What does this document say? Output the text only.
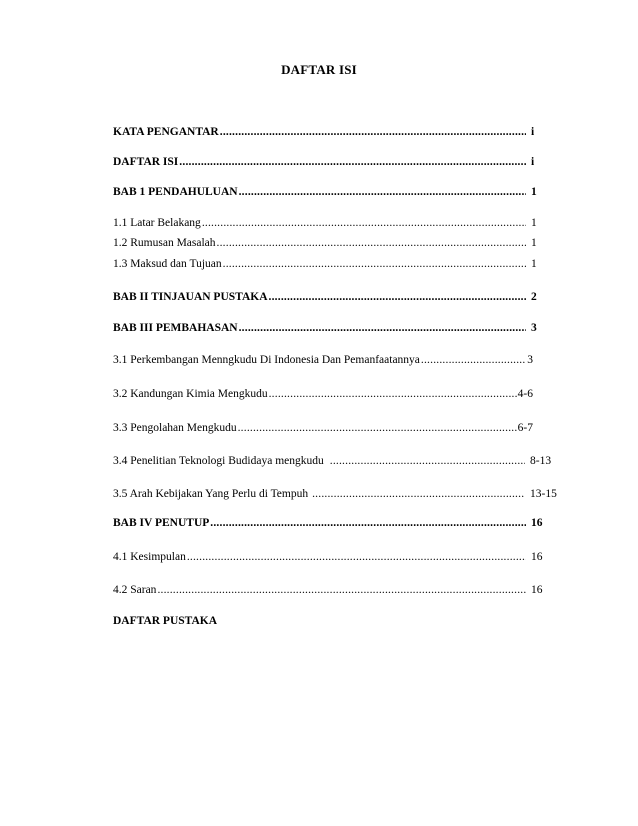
DAFTAR ISI
KATA PENGANTAR .....	i
DAFTAR ISI .....	i
BAB 1 PENDAHULUAN .....	1
1.1 Latar Belakang .....	1
1.2 Rumusan Masalah .....	1
1.3 Maksud dan Tujuan .....	1
BAB II TINJAUAN PUSTAKA .....	2
BAB III PEMBAHASAN .....	3
3.1 Perkembangan Menngkudu Di Indonesia Dan Pemanfaatannya .....	3
3.2 Kandungan Kimia Mengkudu .....	4-6
3.3 Pengolahan Mengkudu .....	6-7
3.4 Penelitian Teknologi Budidaya mengkudu .....	8-13
3.5 Arah Kebijakan Yang Perlu di Tempuh .....	13-15
BAB IV PENUTUP .....	16
4.1 Kesimpulan .....	16
4.2 Saran .....	16
DAFTAR PUSTAKA
